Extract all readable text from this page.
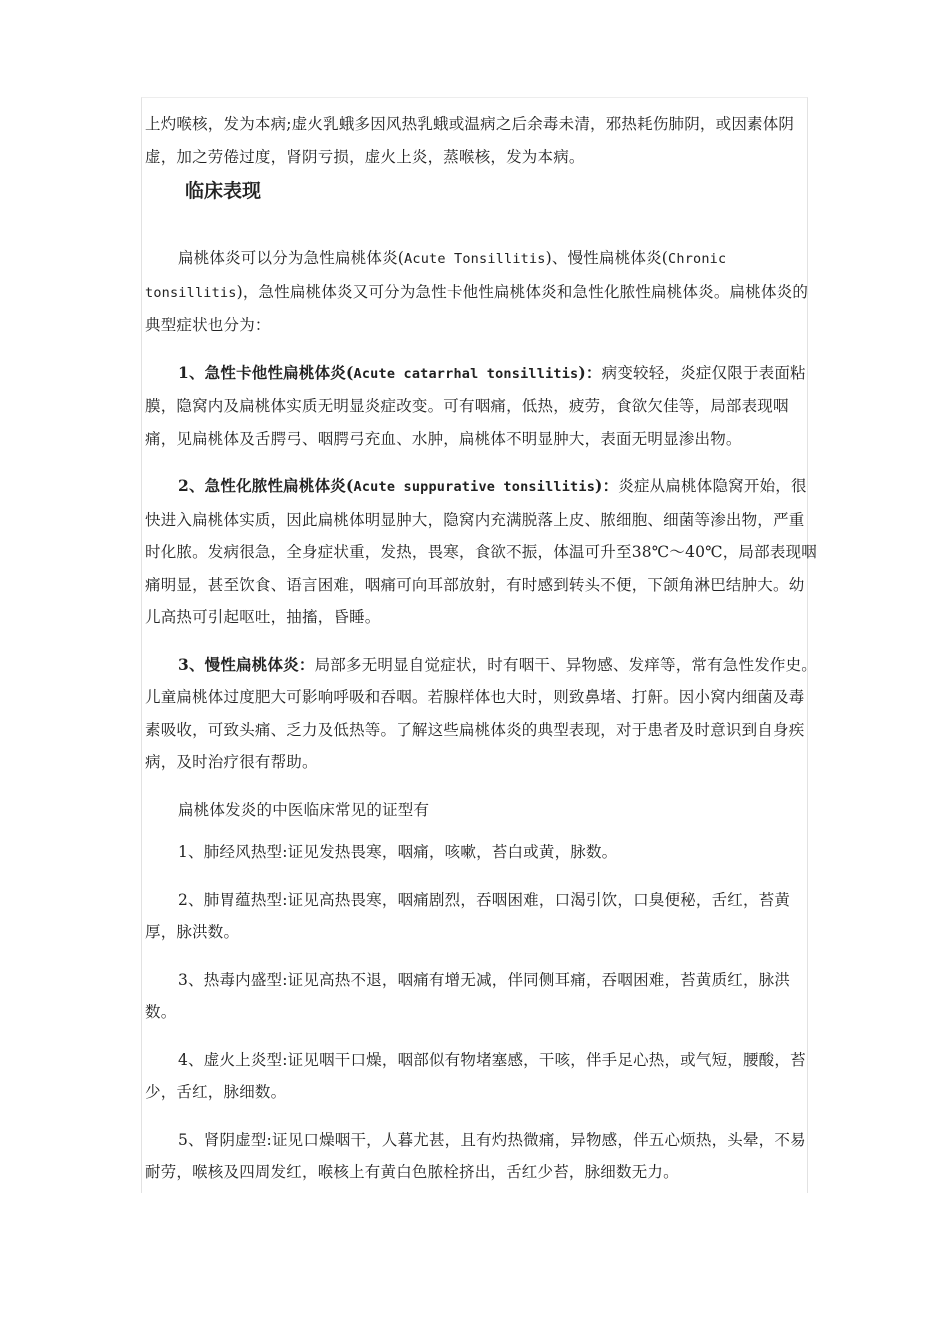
上灼喉核，发为本病;虚火乳蛾多因风热乳蛾或温病之后余毒未清，邪热耗伤肺阴，或因素体阴虚，加之劳倦过度，肾阴亏损，虚火上炎，蒸喉核，发为本病。

临床表现

扁桃体炎可以分为急性扁桃体炎(Acute Tonsillitis)、慢性扁桃体炎(Chronic tonsillitis)，急性扁桃体炎又可分为急性卡他性扁桃体炎和急性化脓性扁桃体炎。扁桃体炎的典型症状也分为：

1、急性卡他性扁桃体炎(Acute catarrhal tonsillitis)：病变较轻，炎症仅限于表面粘膜，隐窝内及扁桃体实质无明显炎症改变。可有咽痛，低热，疲劳，食欲欠佳等，局部表现咽痛，见扁桃体及舌腭弓、咽腭弓充血、水肿，扁桃体不明显肿大，表面无明显渗出物。

2、急性化脓性扁桃体炎(Acute suppurative tonsillitis)：炎症从扁桃体隐窝开始，很快进入扁桃体实质，因此扁桃体明显肿大，隐窝内充满脱落上皮、脓细胞、细菌等渗出物，严重时化脓。发病很急，全身症状重，发热，畏寒，食欲不振，体温可升至38℃～40℃，局部表现咽痛明显，甚至饮食、语言困难，咽痛可向耳部放射，有时感到转头不便，下颌角淋巴结肿大。幼儿高热可引起呕吐，抽搐，昏睡。

3、慢性扁桃体炎：局部多无明显自觉症状，时有咽干、异物感、发痒等，常有急性发作史。儿童扁桃体过度肥大可影响呼吸和吞咽。若腺样体也大时，则致鼻堵、打鼾。因小窝内细菌及毒素吸收，可致头痛、乏力及低热等。了解这些扁桃体炎的典型表现，对于患者及时意识到自身疾病，及时治疗很有帮助。

扁桃体发炎的中医临床常见的证型有

1、肺经风热型:证见发热畏寒，咽痛，咳嗽，苔白或黄，脉数。

2、肺胃蕴热型:证见高热畏寒，咽痛剧烈，吞咽困难，口渴引饮，口臭便秘，舌红，苔黄厚，脉洪数。

3、热毒内盛型:证见高热不退，咽痛有增无减，伴同侧耳痛，吞咽困难，苔黄质红，脉洪数。

4、虚火上炎型:证见咽干口燥，咽部似有物堵塞感，干咳，伴手足心热，或气短，腰酸，苔少，舌红，脉细数。

5、肾阴虚型:证见口燥咽干，人暮尤甚，且有灼热微痛，异物感，伴五心烦热，头晕，不易耐劳，喉核及四周发红，喉核上有黄白色脓栓挤出，舌红少苔，脉细数无力。
